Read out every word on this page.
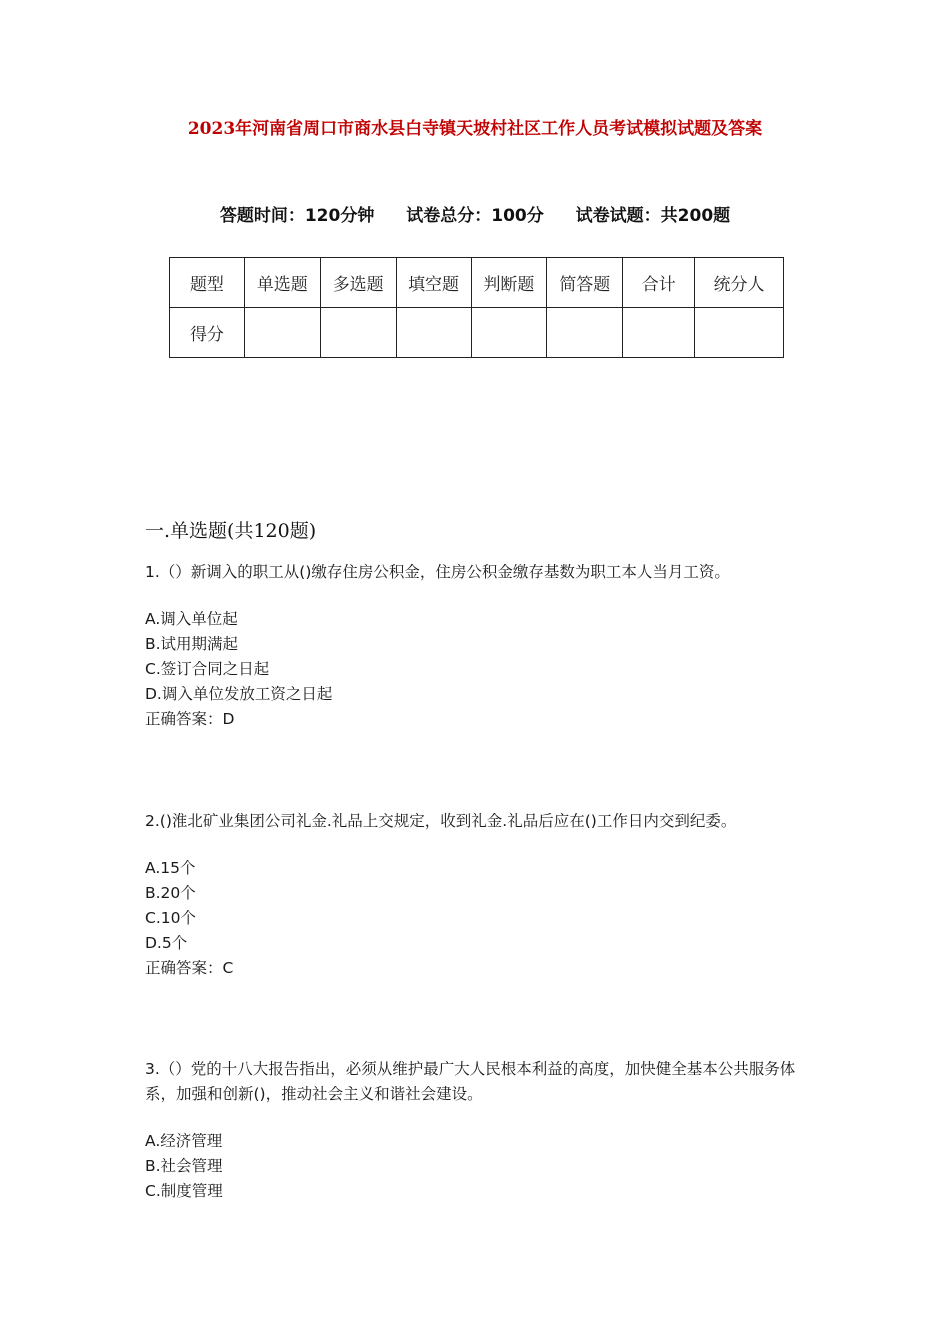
2023年河南省周口市商水县白寺镇天坡村社区工作人员考试模拟试题及答案
答题时间：120分钟 试卷总分：100分 试卷试题：共200题
题型	单选题	多选题	填空题	判断题	简答题	合计	统分人
得分							
一.单选题(共120题)

1.（）新调入的职工从()缴存住房公积金，住房公积金缴存基数为职工本人当月工资。

A.调入单位起

B.试用期满起

C.签订合同之日起

D.调入单位发放工资之日起

正确答案：D

2.()淮北矿业集团公司礼金.礼品上交规定，收到礼金.礼品后应在()工作日内交到纪委。

A.15个

B.20个

C.10个

D.5个

正确答案：C

3.（）党的十八大报告指出，必须从维护最广大人民根本利益的高度，加快健全基本公共服务体系，加强和创新()，推动社会主义和谐社会建设。

A.经济管理

B.社会管理

C.制度管理
